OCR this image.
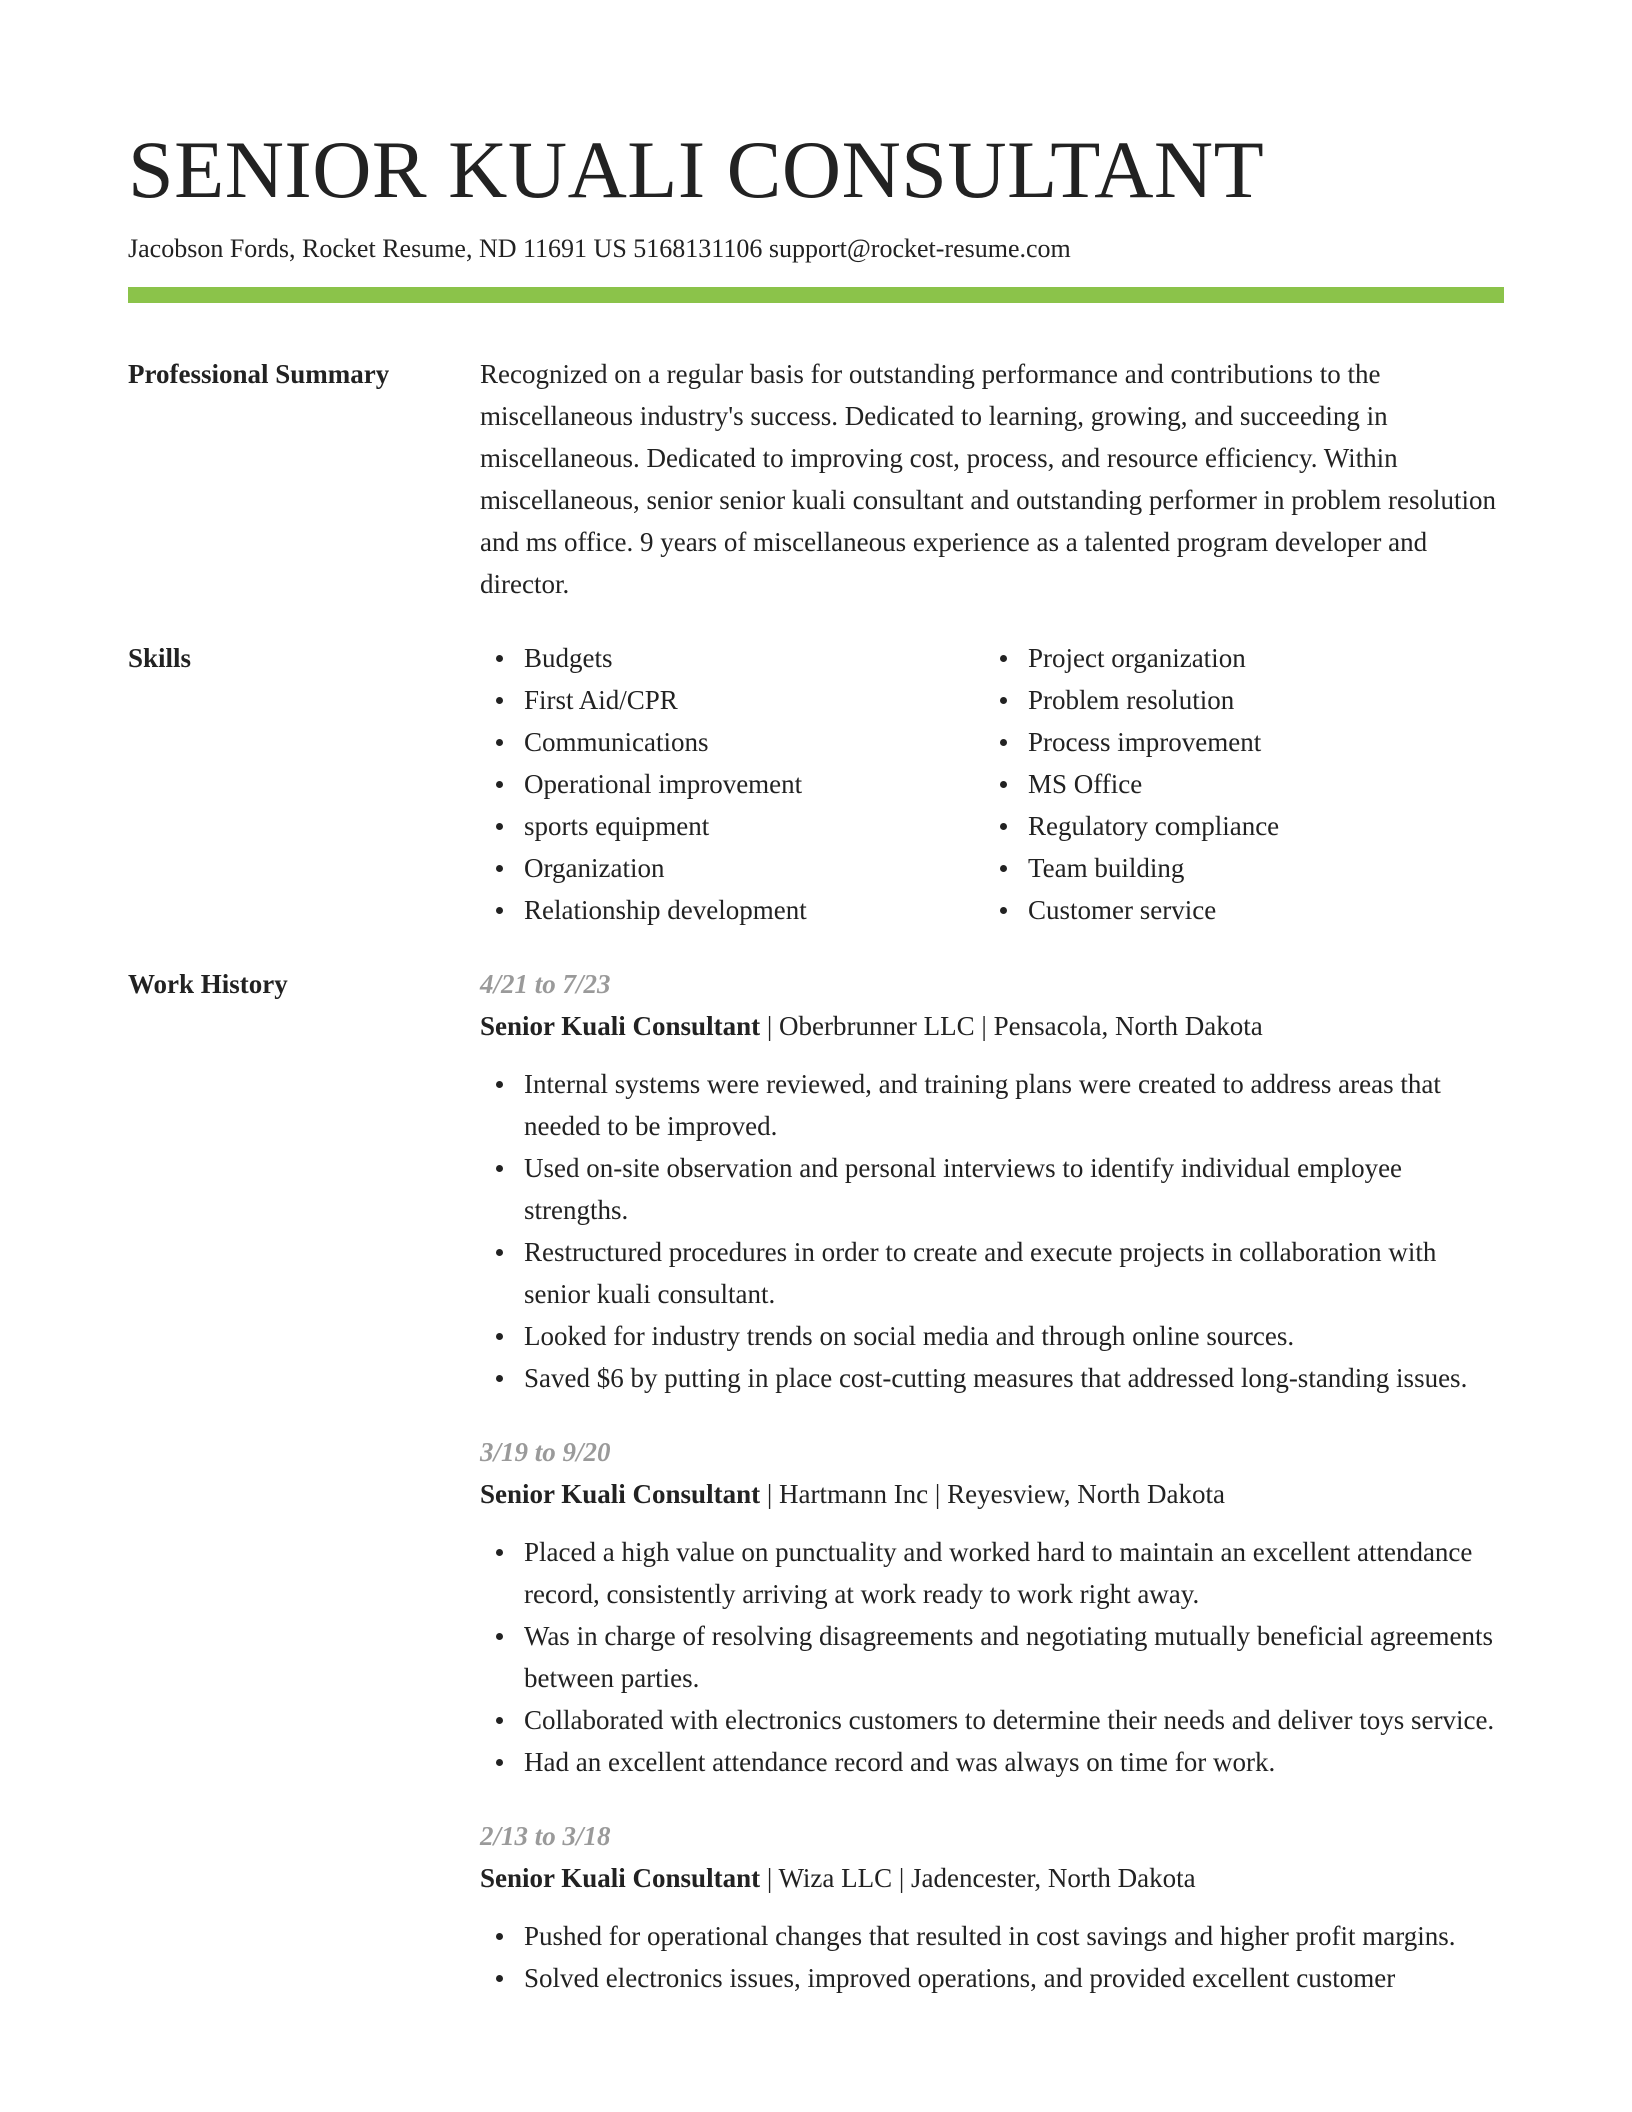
SENIOR KUALI CONSULTANT
Jacobson Fords, Rocket Resume, ND 11691 US 5168131106 support@rocket-resume.com
Professional Summary	Recognized on a regular basis for outstanding performance and contributions to the miscellaneous industry's success. Dedicated to learning, growing, and succeeding in miscellaneous. Dedicated to improving cost, process, and resource efficiency. Within miscellaneous, senior senior kuali consultant and outstanding performer in problem resolution and ms office. 9 years of miscellaneous experience as a talented program developer and director.

Skills	Budgets
First Aid/CPR
Communications
Operational improvement
sports equipment
Organization
Relationship development
Project organization
Problem resolution
Process improvement
MS Office
Regulatory compliance
Team building
Customer service
Work History	4/21 to 7/23
Senior Kuali Consultant | Oberbrunner LLC | Pensacola, North Dakota
Internal systems were reviewed, and training plans were created to address areas that needed to be improved.
Used on-site observation and personal interviews to identify individual employee strengths.
Restructured procedures in order to create and execute projects in collaboration with senior kuali consultant.
Looked for industry trends on social media and through online sources.
Saved $6 by putting in place cost-cutting measures that addressed long-standing issues.
3/19 to 9/20
Senior Kuali Consultant | Hartmann Inc | Reyesview, North Dakota
Placed a high value on punctuality and worked hard to maintain an excellent attendance record, consistently arriving at work ready to work right away.
Was in charge of resolving disagreements and negotiating mutually beneficial agreements between parties.
Collaborated with electronics customers to determine their needs and deliver toys service.
Had an excellent attendance record and was always on time for work.
2/13 to 3/18
Senior Kuali Consultant | Wiza LLC | Jadencester, North Dakota
Pushed for operational changes that resulted in cost savings and higher profit margins.
Solved electronics issues, improved operations, and provided excellent customer
